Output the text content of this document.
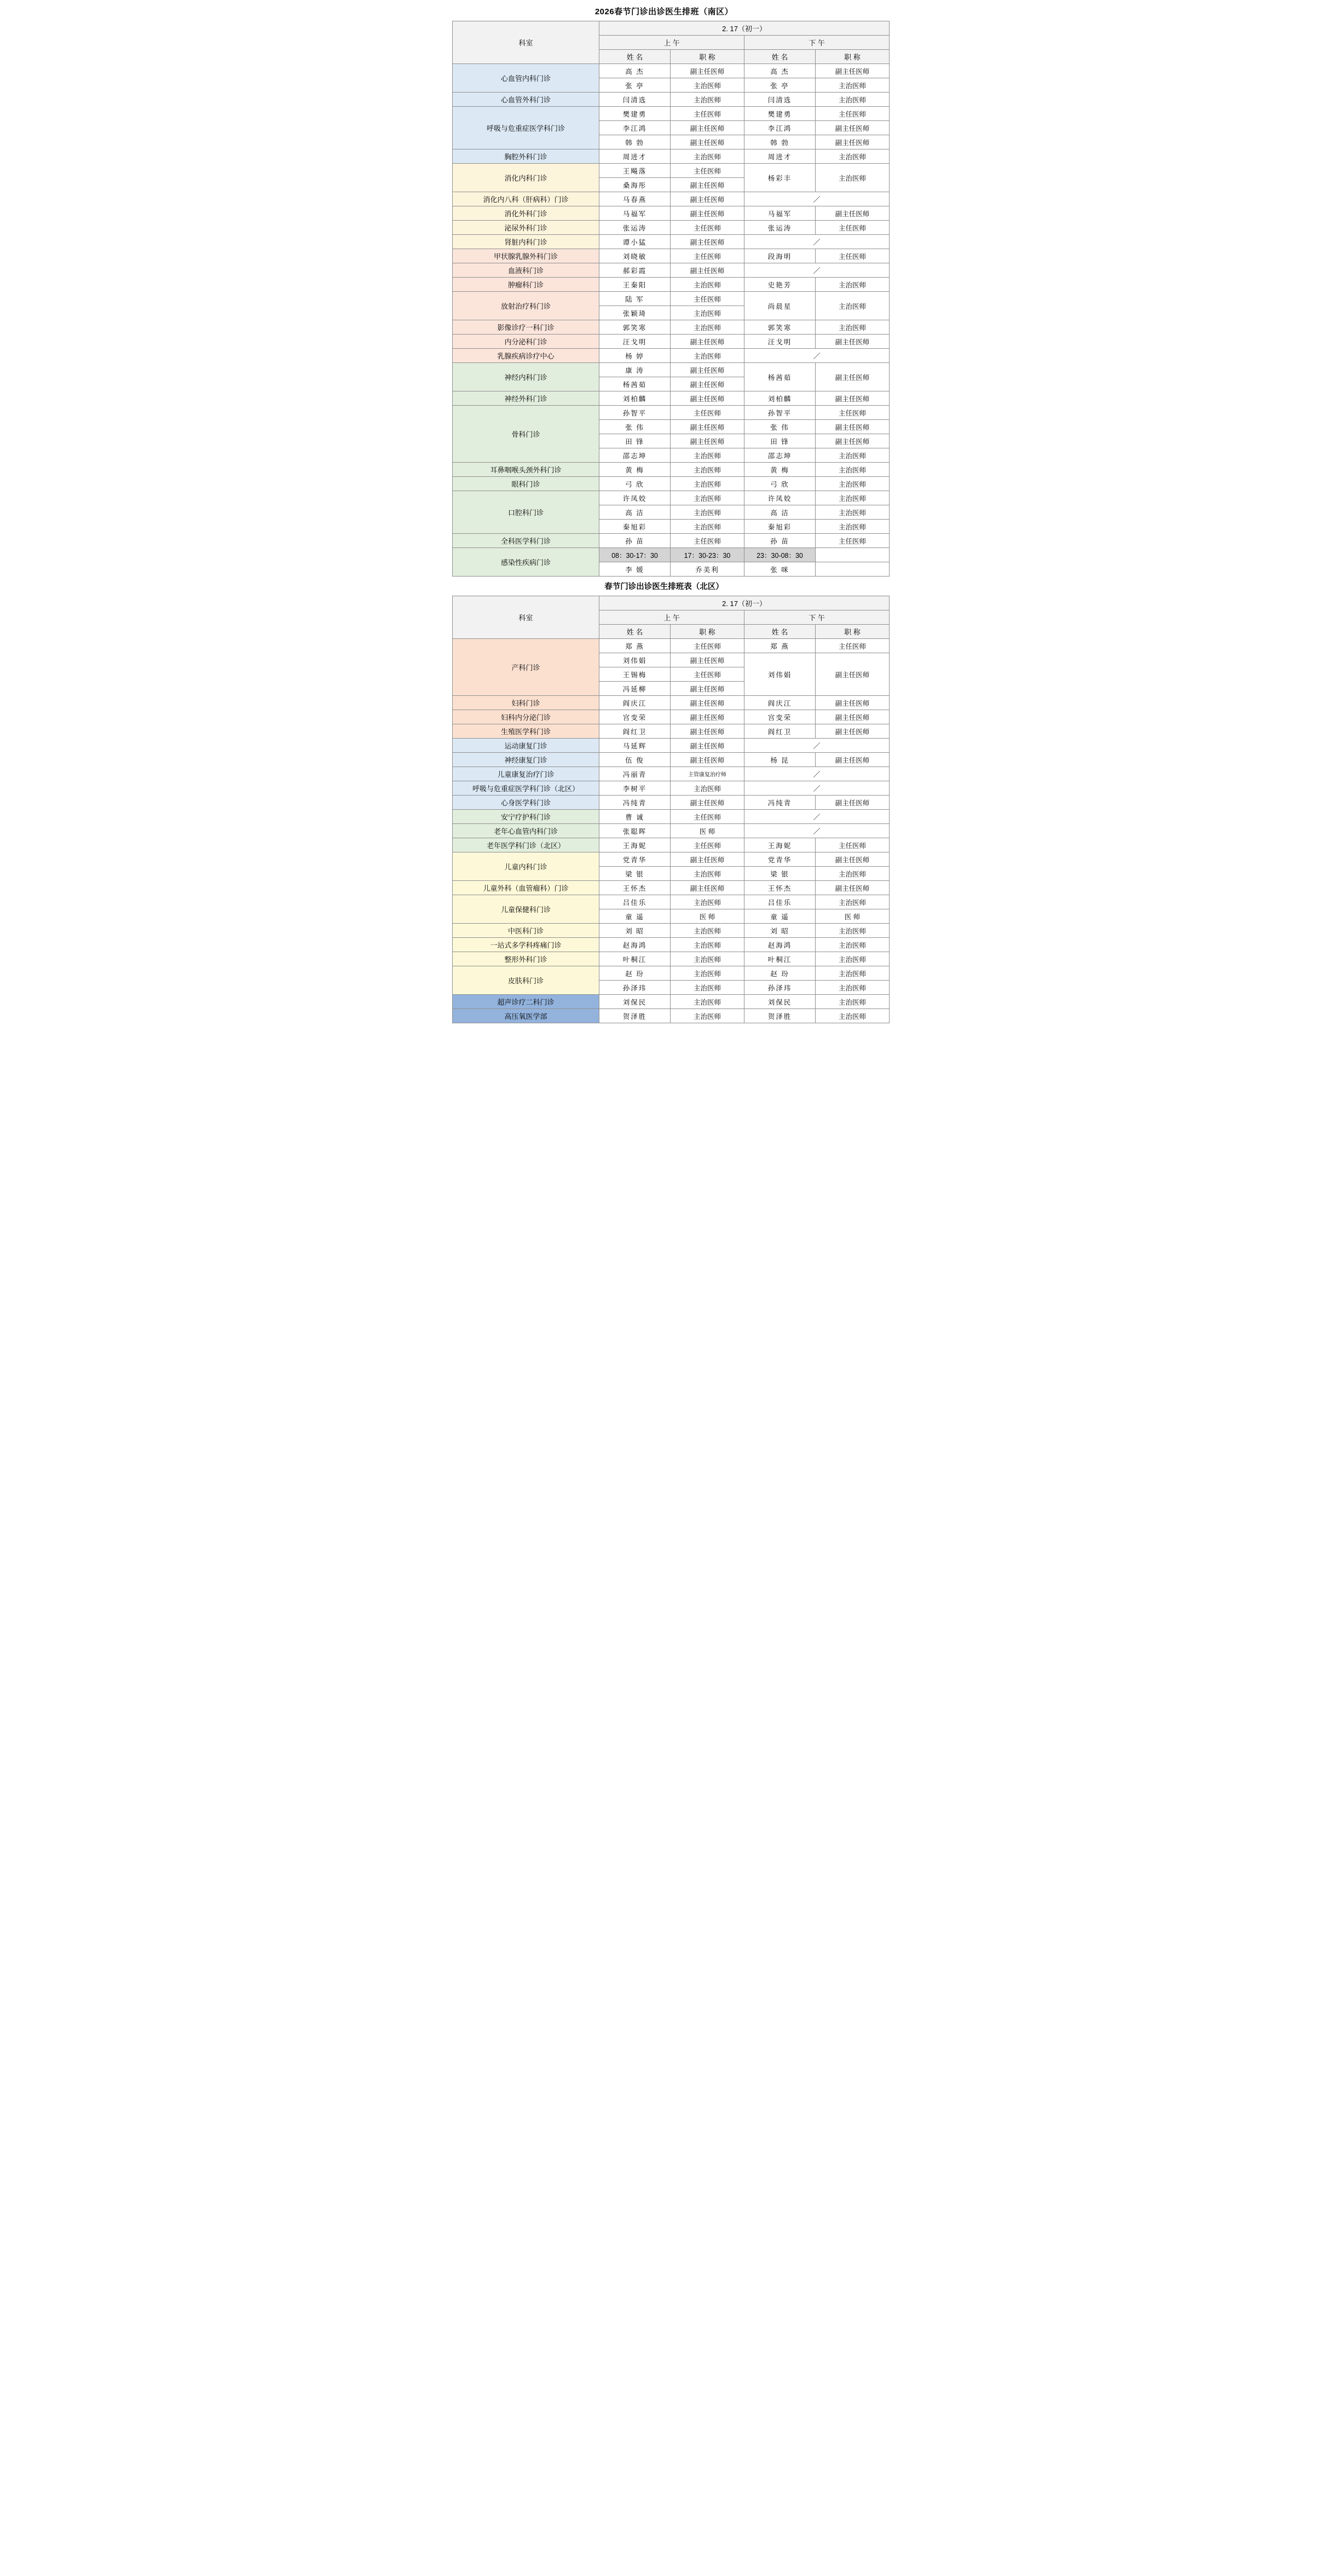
2026春节门诊出诊医生排班（南区）
科室	2. 17（初一）			
	上 午		下 午	
	姓 名	职 称	姓 名	职 称
心血管内科门诊	高 杰	副主任医师	高 杰	副主任医师
	张 亭	主治医师	张 亭	主治医师
心血管外科门诊	闫清选	主治医师	闫清选	主治医师
呼吸与危重症医学科门诊	樊建勇	主任医师	樊建勇	主任医师
	李江鸿	副主任医师	李江鸿	副主任医师
	韩 勃	副主任医师	韩 勃	副主任医师
胸腔外科门诊	周进才	主治医师	周进才	主治医师
消化内科门诊	王飚落	主任医师	杨彩丰	主治医师
	桑海彤	副主任医师		
消化内八科（肝病科）门诊	马春燕	副主任医师	／	
消化外科门诊	马福军	副主任医师	马福军	副主任医师
泌尿外科门诊	张运涛	主任医师	张运涛	主任医师
肾脏内科门诊	谭小猛	副主任医师	／	
甲状腺乳腺外科门诊	刘晓敏	主任医师	段海明	主任医师
血液科门诊	郝彩霞	副主任医师	／	
肿瘤科门诊	王秦阳	主治医师	史艳芳	主治医师
放射治疗科门诊	陆 军	主任医师	尚晨星	主治医师
	张颖琦	主治医师		
影像诊疗一科门诊	郭笑寒	主治医师	郭笑寒	主治医师
内分泌科门诊	汪戈明	副主任医师	汪戈明	副主任医师
乳腺疾病诊疗中心	杨 婷	主治医师	／	
神经内科门诊	康 涛	副主任医师	杨茜茹	副主任医师
	杨茜茹	副主任医师		
神经外科门诊	刘柏麟	副主任医师	刘柏麟	副主任医师
骨科门诊	孙智平	主任医师	孙智平	主任医师
	张 伟	副主任医师	张 伟	副主任医师
	田 锋	副主任医师	田 锋	副主任医师
	邵志坤	主治医师	邵志坤	主治医师
耳鼻咽喉头颈外科门诊	黄 梅	主治医师	黄 梅	主治医师
眼科门诊	弓 欣	主治医师	弓 欣	主治医师
口腔科门诊	许凤姣	主治医师	许凤姣	主治医师
	高 洁	主治医师	高 洁	主治医师
	秦旭彩	主治医师	秦旭彩	主治医师
全科医学科门诊	孙 苗	主任医师	孙 苗	主任医师
感染性疾病门诊	08：30-17：30	17：30-23：30	23：30-08：30	
	李 媛	乔美利	张 咪	
春节门诊出诊医生排班表（北区）
科室	2. 17（初一）			
	上 午		下 午	
	姓 名	职 称	姓 名	职 称
产科门诊	郑 燕	主任医师	郑 燕	主任医师
	刘伟娟	副主任医师	刘伟娟	副主任医师
	王锡梅	主任医师		
	冯延柳	副主任医师		
妇科门诊	阎庆江	副主任医师	阎庆江	副主任医师
妇科内分泌门诊	宫变荣	副主任医师	宫变荣	副主任医师
生殖医学科门诊	阎红卫	副主任医师	阎红卫	副主任医师
运动康复门诊	马延辉	副主任医师	／	
神经康复门诊	伍 俊	副主任医师	杨 昆	副主任医师
儿童康复治疗门诊	冯丽青	主管康复治疗师	／	
呼吸与危重症医学科门诊（北区）	李树平	主治医师	／	
心身医学科门诊	冯纯青	副主任医师	冯纯青	副主任医师
安宁疗护科门诊	曹 诚	主任医师	／	
老年心血管内科门诊	张聪晖	医 师	／	
老年医学科门诊（北区）	王海妮	主任医师	王海妮	主任医师
儿童内科门诊	党青华	副主任医师	党青华	副主任医师
	梁 银	主治医师	梁 银	主治医师
儿童外科（血管瘤科）门诊	王怀杰	副主任医师	王怀杰	副主任医师
儿童保健科门诊	吕佳乐	主治医师	吕佳乐	主治医师
	童 遥	医 师	童 遥	医 师
中医科门诊	刘 昭	主治医师	刘 昭	主治医师
一站式多学科疼痛门诊	赵海鸿	主治医师	赵海鸿	主治医师
整形外科门诊	叶桐江	主治医师	叶桐江	主治医师
皮肤科门诊	赵 玢	主治医师	赵 玢	主治医师
	孙泽玮	主治医师	孙泽玮	主治医师
超声诊疗二科门诊	刘保民	主治医师	刘保民	主治医师
高压氧医学部	贺泽胜	主治医师	贺泽胜	主治医师
